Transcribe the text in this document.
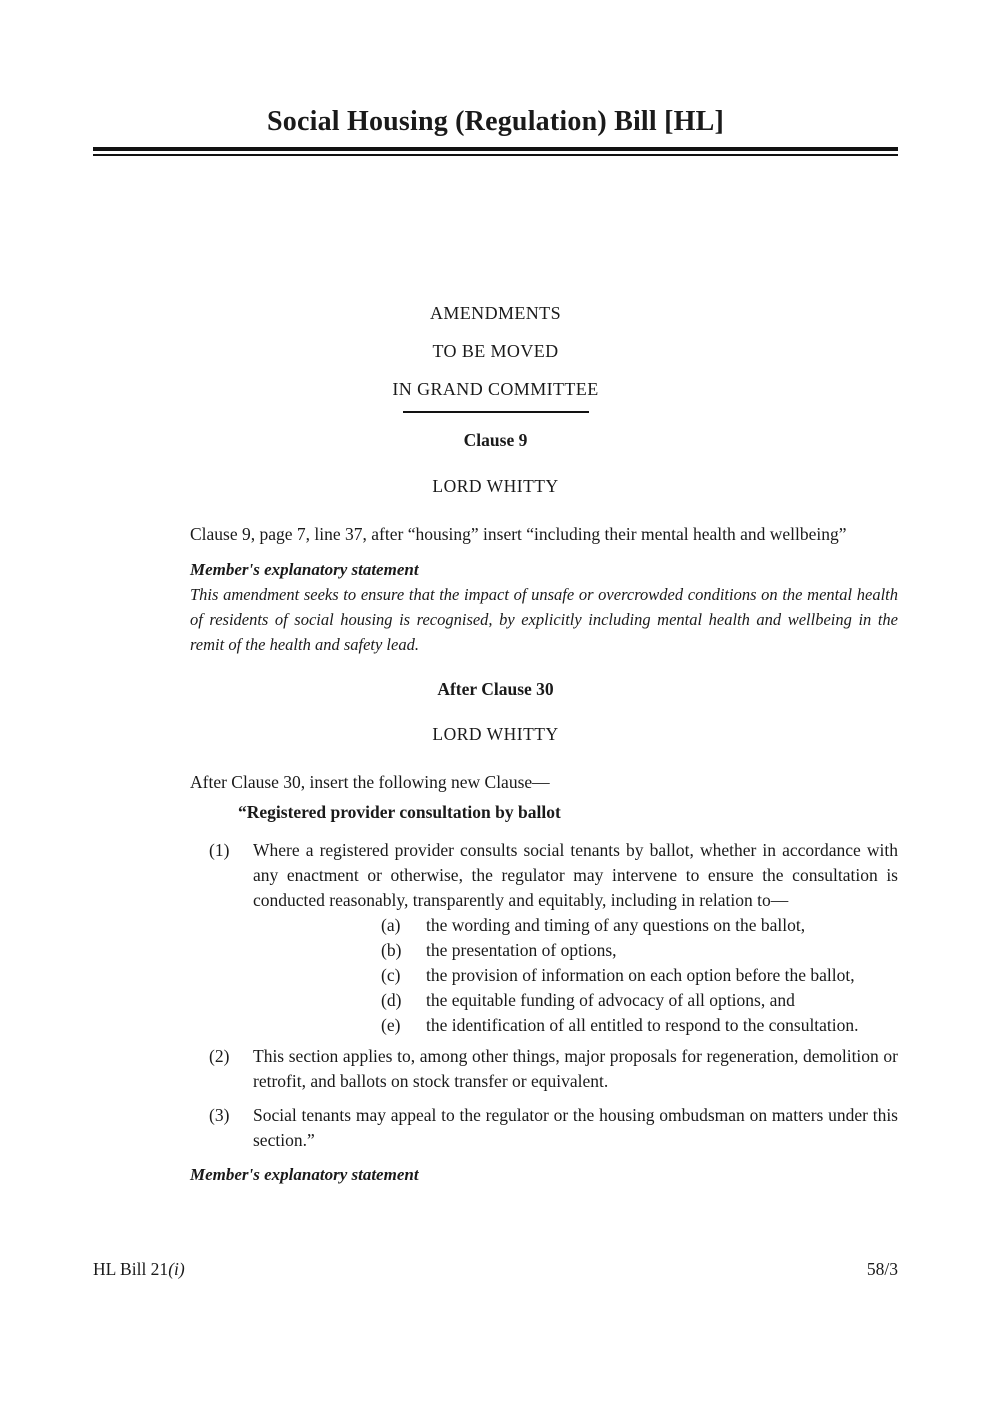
Social Housing (Regulation) Bill [HL]
AMENDMENTS
TO BE MOVED
IN GRAND COMMITTEE
Clause 9
LORD WHITTY
Clause 9, page 7, line 37, after “housing” insert “including their mental health and wellbeing”
Member's explanatory statement
This amendment seeks to ensure that the impact of unsafe or overcrowded conditions on the mental health of residents of social housing is recognised, by explicitly including mental health and wellbeing in the remit of the health and safety lead.
After Clause 30
LORD WHITTY
After Clause 30, insert the following new Clause—
“Registered provider consultation by ballot
(1)	Where a registered provider consults social tenants by ballot, whether in accordance with any enactment or otherwise, the regulator may intervene to ensure the consultation is conducted reasonably, transparently and equitably, including in relation to—
(a)	the wording and timing of any questions on the ballot,
(b)	the presentation of options,
(c)	the provision of information on each option before the ballot,
(d)	the equitable funding of advocacy of all options, and
(e)	the identification of all entitled to respond to the consultation.
(2)	This section applies to, among other things, major proposals for regeneration, demolition or retrofit, and ballots on stock transfer or equivalent.
(3)	Social tenants may appeal to the regulator or the housing ombudsman on matters under this section.”
Member's explanatory statement
HL Bill 21(i)	58/3
